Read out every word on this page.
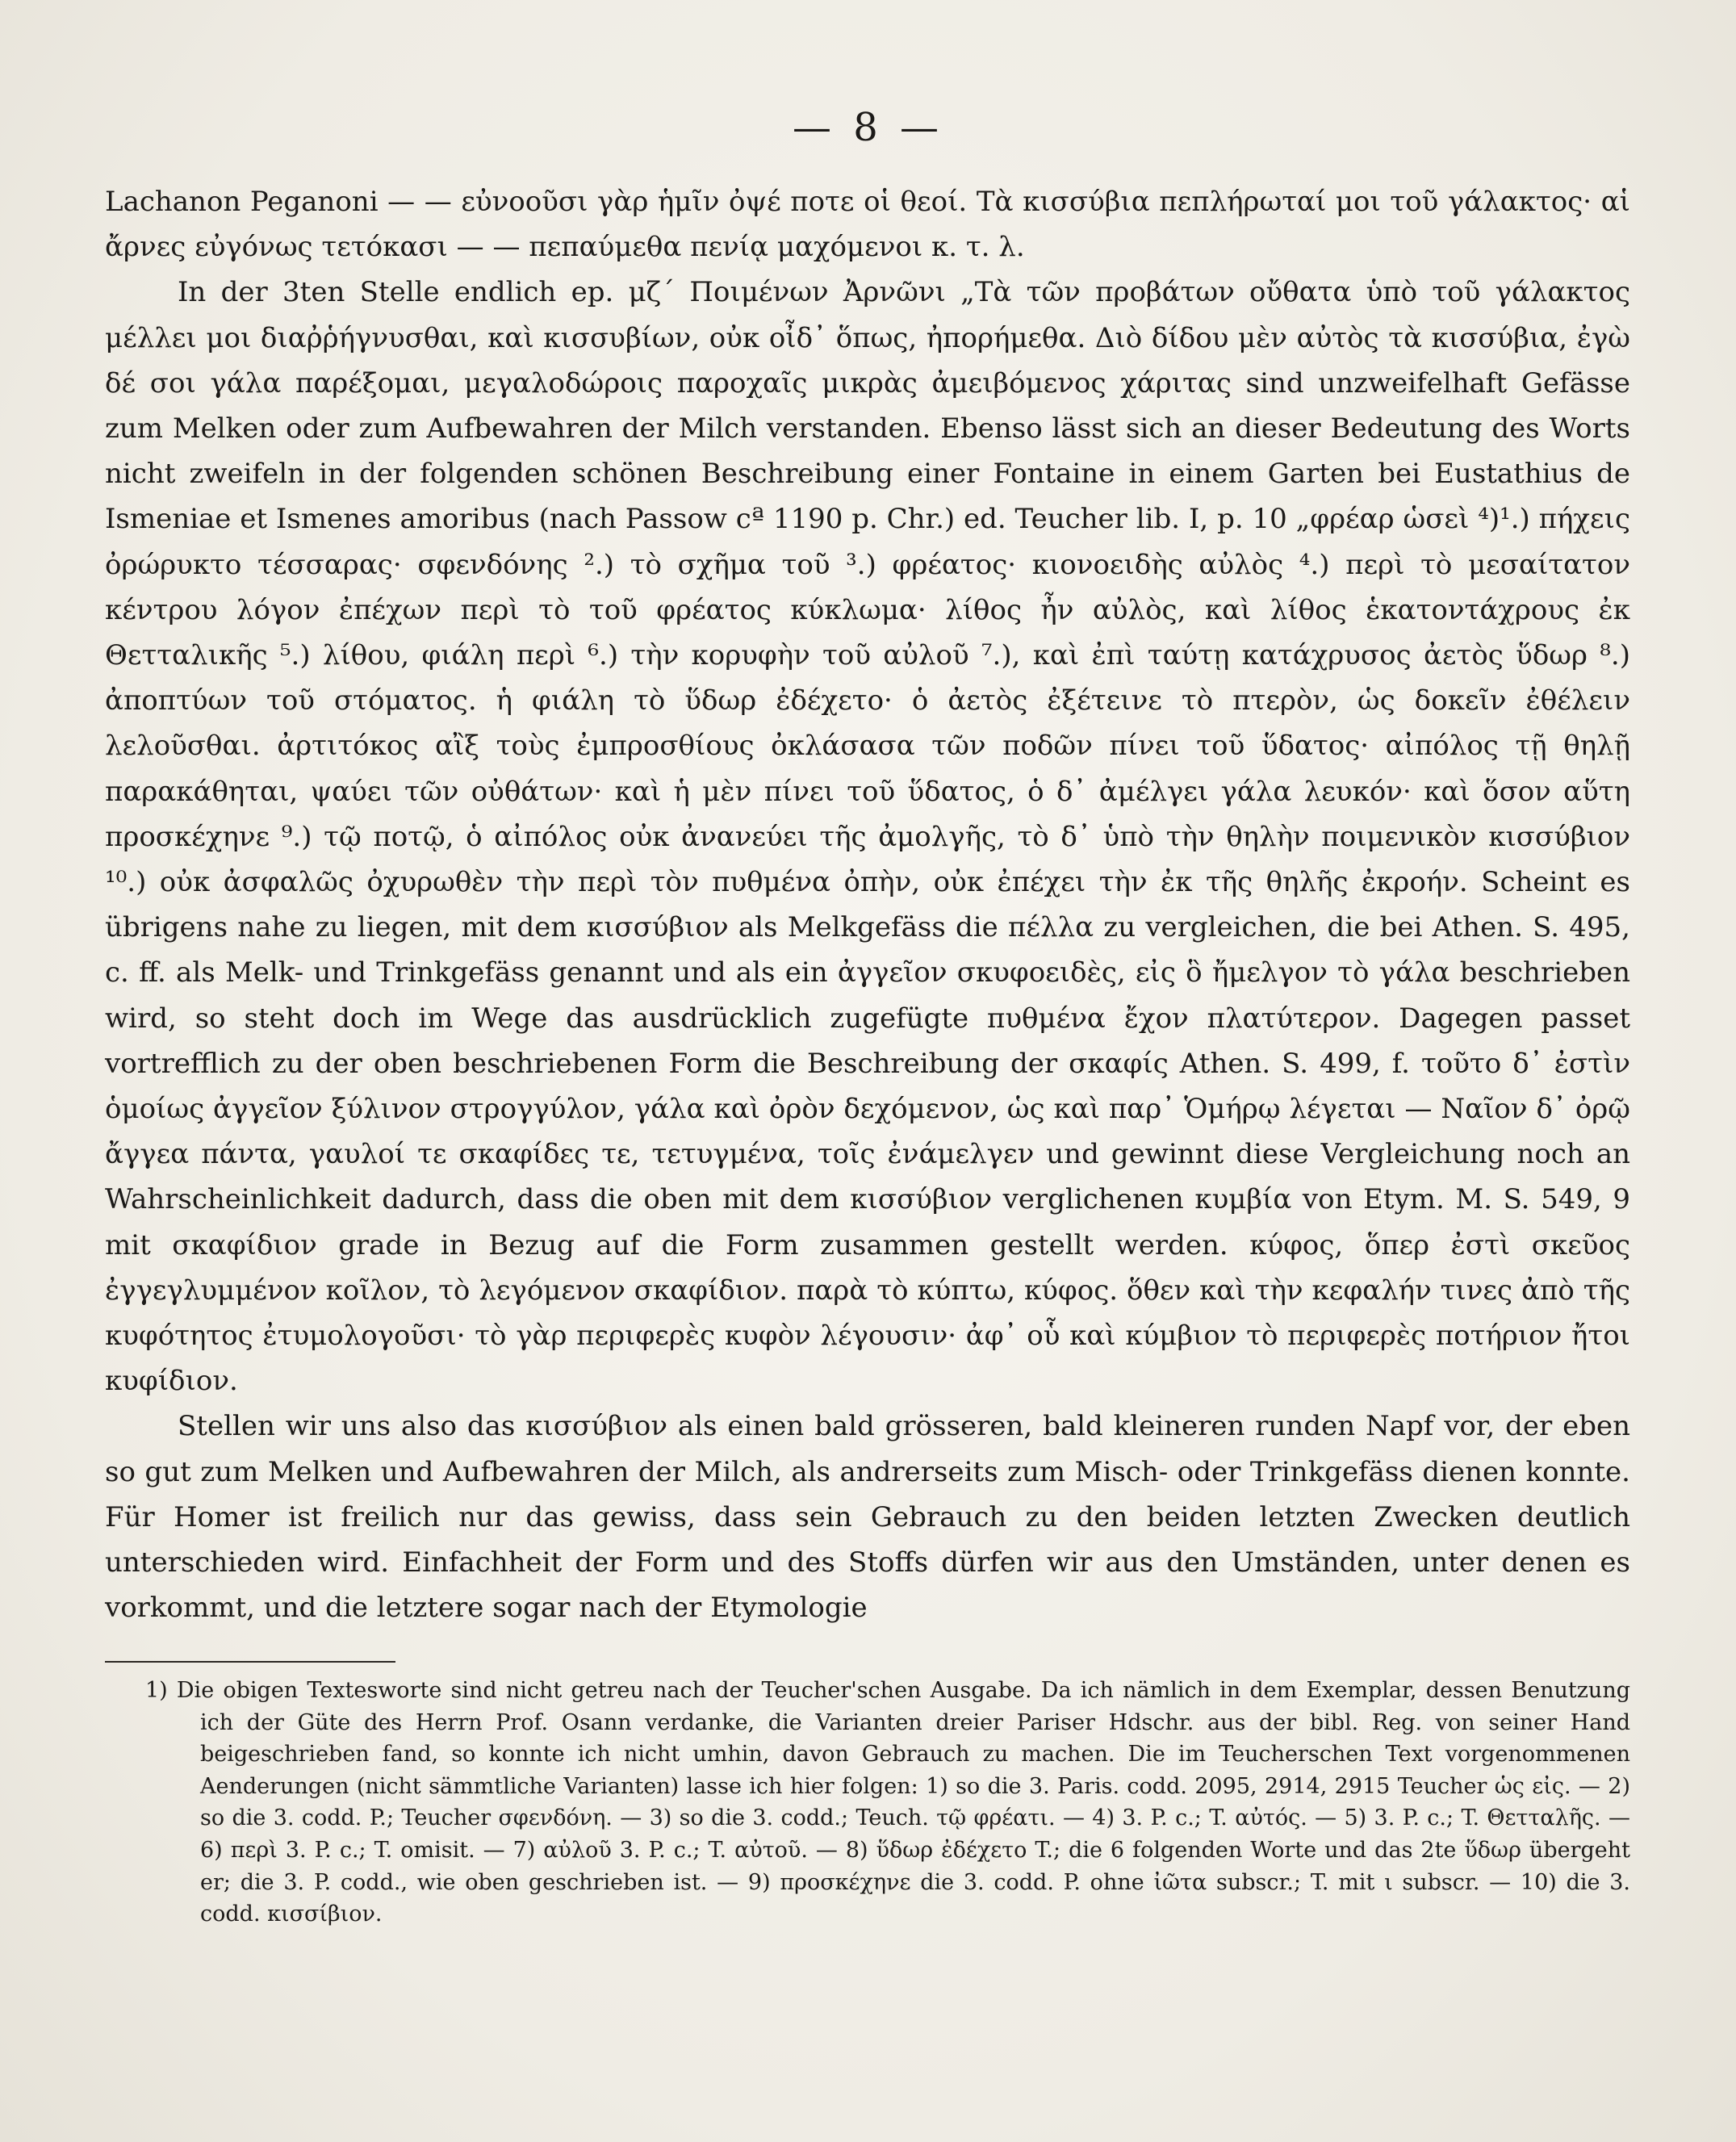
— 8 —

Lachanon Peganoni — — εὐνοοῦσι γὰρ ἡμῖν ὀψέ ποτε οἱ θεοί. Τὰ κισσύβια πεπλήρωταί μοι τοῦ γάλακτος· αἱ ἄρνες εὐγόνως τετόκασι — — πεπαύμεθα πενίᾳ μαχόμενοι κ. τ. λ.

In der 3ten Stelle endlich ep. μζ΄ Ποιμένων Ἀρνῶνι „Τὰ τῶν προβάτων οὔθατα ὑπὸ τοῦ γάλακτος μέλλει μοι διαῤῥήγνυσθαι, καὶ κισσυβίων, οὐκ οἶδ᾽ ὅπως, ἠπορήμεθα. Διὸ δίδου μὲν αὐτὸς τὰ κισσύβια, ἐγὼ δέ σοι γάλα παρέξομαι, μεγαλοδώροις παροχαῖς μικρὰς ἀμειβόμενος χάριτας sind unzweifelhaft Gefässe zum Melken oder zum Aufbewahren der Milch verstanden. Ebenso lässt sich an dieser Bedeutung des Worts nicht zweifeln in der folgenden schönen Beschreibung einer Fontaine in einem Garten bei Eustathius de Ismeniae et Ismenes amoribus (nach Passow cª 1190 p. Chr.) ed. Teucher lib. I, p. 10 „φρέαρ ὡσεὶ ⁴)¹.) πήχεις ὀρώρυκτο τέσσαρας· σφενδόνης ².) τὸ σχῆμα τοῦ ³.) φρέατος· κιονοειδὴς αὐλὸς ⁴.) περὶ τὸ μεσαίτατον κέντρου λόγον ἐπέχων περὶ τὸ τοῦ φρέατος κύκλωμα· λίθος ἦν αὐλὸς, καὶ λίθος ἑκατοντάχρους ἐκ Θετταλικῆς ⁵.) λίθου, φιάλη περὶ ⁶.) τὴν κορυφὴν τοῦ αὐλοῦ ⁷.), καὶ ἐπὶ ταύτῃ κατάχρυσος ἀετὸς ὕδωρ ⁸.) ἀποπτύων τοῦ στόματος. ἡ φιάλη τὸ ὕδωρ ἐδέχετο· ὁ ἀετὸς ἐξέτεινε τὸ πτερὸν, ὡς δοκεῖν ἐθέλειν λελοῦσθαι. ἀρτιτόκος αἲξ τοὺς ἐμπροσθίους ὀκλάσασα τῶν ποδῶν πίνει τοῦ ὕδατος· αἰπόλος τῇ θηλῇ παρακάθηται, ψαύει τῶν οὐθάτων· καὶ ἡ μὲν πίνει τοῦ ὕδατος, ὁ δ᾽ ἀμέλγει γάλα λευκόν· καὶ ὅσον αὕτη προσκέχηνε ⁹.) τῷ ποτῷ, ὁ αἰπόλος οὐκ ἀνανεύει τῆς ἀμολγῆς, τὸ δ᾽ ὑπὸ τὴν θηλὴν ποιμενικὸν κισσύβιον ¹⁰.) οὐκ ἀσφαλῶς ὀχυρωθὲν τὴν περὶ τὸν πυθμένα ὀπὴν, οὐκ ἐπέχει τὴν ἐκ τῆς θηλῆς ἐκροήν. Scheint es übrigens nahe zu liegen, mit dem κισσύβιον als Melkgefäss die πέλλα zu vergleichen, die bei Athen. S. 495, c. ff. als Melk- und Trinkgefäss genannt und als ein ἀγγεῖον σκυφοειδὲς, εἰς ὃ ἤμελγον τὸ γάλα beschrieben wird, so steht doch im Wege das ausdrücklich zugefügte πυθμένα ἔχον πλατύτερον. Dagegen passet vortrefflich zu der oben beschriebenen Form die Beschreibung der σκαφίς Athen. S. 499, f. τοῦτο δ᾽ ἐστὶν ὁμοίως ἀγγεῖον ξύλινον στρογγύλον, γάλα καὶ ὀρὸν δεχόμενον, ὡς καὶ παρ᾽ Ὁμήρῳ λέγεται — Ναῖον δ᾽ ὀρῷ ἄγγεα πάντα, γαυλοί τε σκαφίδες τε, τετυγμένα, τοῖς ἐνάμελγεν und gewinnt diese Vergleichung noch an Wahrscheinlichkeit dadurch, dass die oben mit dem κισσύβιον verglichenen κυμβία von Etym. M. S. 549, 9 mit σκαφίδιον grade in Bezug auf die Form zusammen gestellt werden. κύφος, ὅπερ ἐστὶ σκεῦος ἐγγεγλυμμένον κοῖλον, τὸ λεγόμενον σκαφίδιον. παρὰ τὸ κύπτω, κύφος. ὅθεν καὶ τὴν κεφαλήν τινες ἀπὸ τῆς κυφότητος ἐτυμολογοῦσι· τὸ γὰρ περιφερὲς κυφὸν λέγουσιν· ἀφ᾽ οὗ καὶ κύμβιον τὸ περιφερὲς ποτήριον ἤτοι κυφίδιον.

Stellen wir uns also das κισσύβιον als einen bald grösseren, bald kleineren runden Napf vor, der eben so gut zum Melken und Aufbewahren der Milch, als andrerseits zum Misch- oder Trinkgefäss dienen konnte. Für Homer ist freilich nur das gewiss, dass sein Gebrauch zu den beiden letzten Zwecken deutlich unterschieden wird. Einfachheit der Form und des Stoffs dürfen wir aus den Umständen, unter denen es vorkommt, und die letztere sogar nach der Etymologie

1) Die obigen Texteswortе sind nicht getreu nach der Teucher'schen Ausgabe. Da ich nämlich in dem Exemplar, dessen Benutzung ich der Güte des Herrn Prof. Osann verdanke, die Varianten dreier Pariser Hdschr. aus der bibl. Reg. von seiner Hand beigeschrieben fand, so konnte ich nicht umhin, davon Gebrauch zu machen. Die im Teucherschen Text vorgenommenen Aenderungen (nicht sämmtliche Varianten) lasse ich hier folgen: 1) so die 3. Paris. codd. 2095, 2914, 2915 Teucher ὡς εἰς. — 2) so die 3. codd. P.; Teucher σφενδόνη. — 3) so die 3. codd.; Teuch. τῷ φρέατι. — 4) 3. P. c.; T. αὐτός. — 5) 3. P. c.; T. Θετταλῆς. — 6) περὶ 3. P. c.; T. omisit. — 7) αὐλοῦ 3. P. c.; T. αὐτοῦ. — 8) ὕδωρ ἐδέχετο T.; die 6 folgenden Worte und das 2te ὕδωρ übergeht er; die 3. P. codd., wie oben geschrieben ist. — 9) προσκέχηνε die 3. codd. P. ohne ἰῶτα subscr.; T. mit ι subscr. — 10) die 3. codd. κισσίβιον.
